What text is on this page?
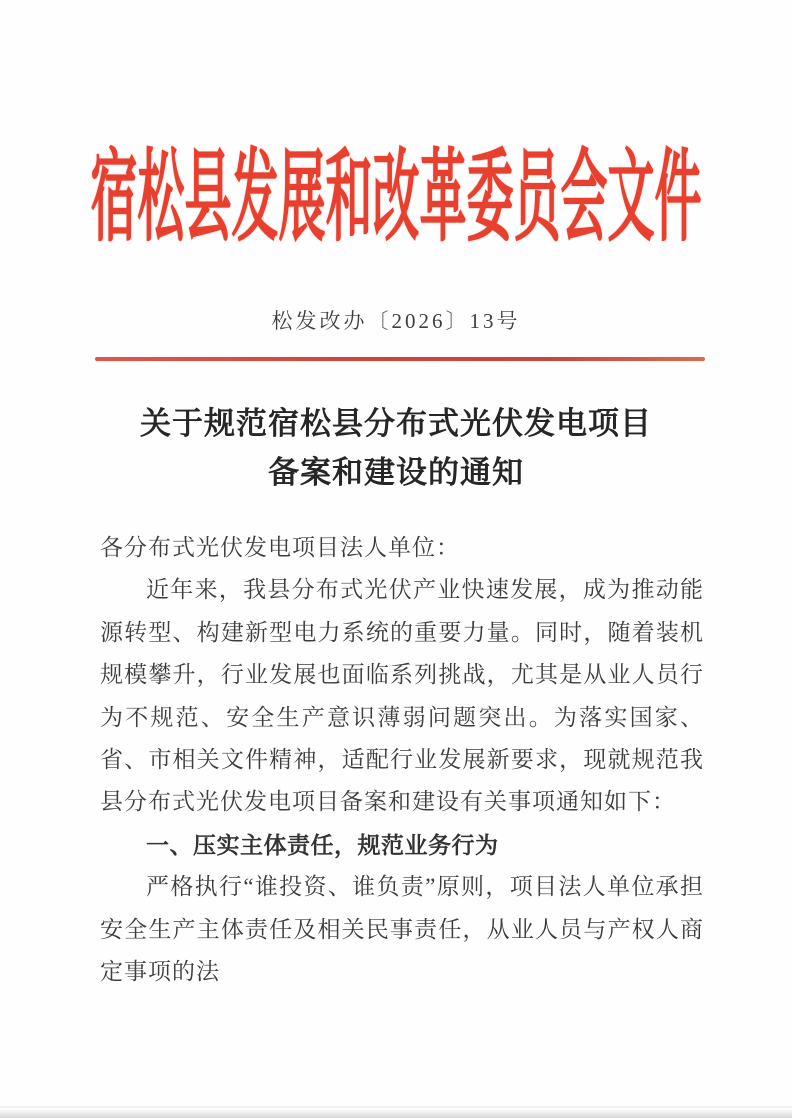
宿松县发展和改革委员会文件
松发改办〔2026〕13号
关于规范宿松县分布式光伏发电项目
备案和建设的通知

各分布式光伏发电项目法人单位：

近年来，我县分布式光伏产业快速发展，成为推动能源转型、构建新型电力系统的重要力量。同时，随着装机规模攀升，行业发展也面临系列挑战，尤其是从业人员行为不规范、安全生产意识薄弱问题突出。为落实国家、省、市相关文件精神，适配行业发展新要求，现就规范我县分布式光伏发电项目备案和建设有关事项通知如下：

一、压实主体责任，规范业务行为

严格执行“谁投资、谁负责”原则，项目法人单位承担安全生产主体责任及相关民事责任，从业人员与产权人商定事项的法
